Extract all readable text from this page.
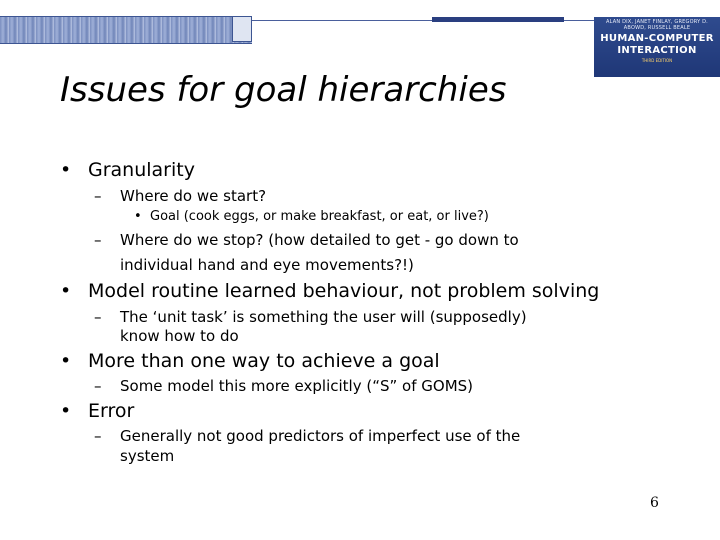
ALAN DIX, JANET FINLAY, GREGORY D. ABOWD, RUSSELL BEALE
HUMAN-COMPUTER
INTERACTION
THIRD EDITION
Issues for goal hierarchies
• Granularity
– Where do we start?
• Goal (cook eggs, or make breakfast, or eat, or live?)
– Where do we stop? (how detailed to get - go down to
individual hand and eye movements?!)
• Model routine learned behaviour, not problem solving
– The ‘unit task’ is something the user will (supposedly)
know how to do
• More than one way to achieve a goal
– Some model this more explicitly (“S” of GOMS)
• Error
– Generally not good predictors of imperfect use of the
system
6
